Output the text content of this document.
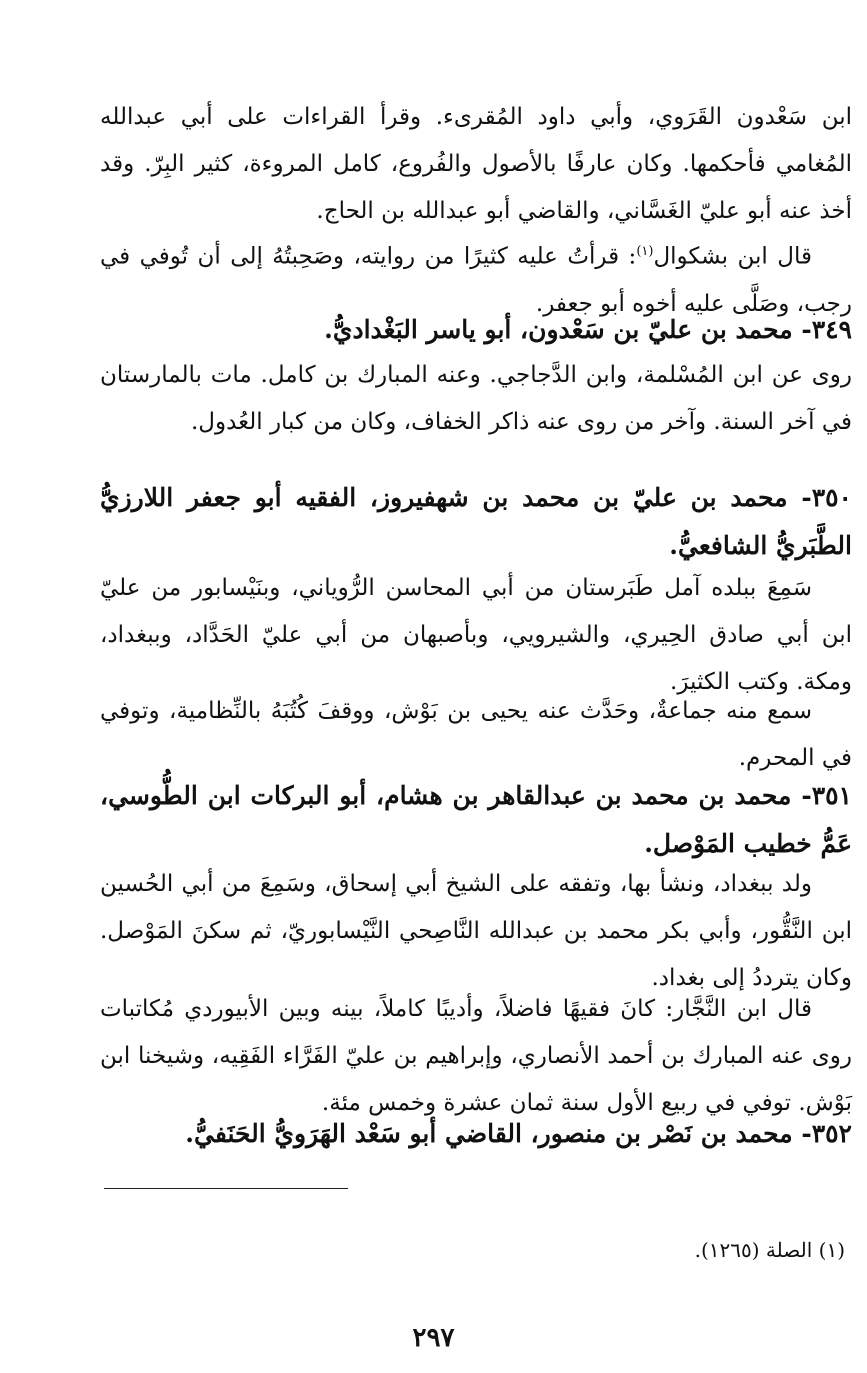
ابن سَعْدون القَرَوي، وأبي داود المُقرىء. وقرأ القراءات على أبي عبدالله المُغامي فأحكمها. وكان عارفًا بالأصول والفُروع، كامل المروءة، كثير البِرّ. وقد أخذ عنه أبو عليّ الغَسَّاني، والقاضي أبو عبدالله بن الحاج.

قال ابن بشكوال$^{(١)}$: قرأتُ عليه كثيرًا من روايته، وصَحِبتُهُ إلى أن تُوفي في رجب، وصَلَّى عليه أخوه أبو جعفر.

٣٤٩- محمد بن عليّ بن سَعْدون، أبو ياسر البَغْداديُّ.

روى عن ابن المُسْلمة، وابن الدَّجاجي. وعنه المبارك بن كامل. مات بالمارستان في آخر السنة. وآخر من روى عنه ذاكر الخفاف، وكان من كبار العُدول.

٣٥٠- محمد بن عليّ بن محمد بن شهفيروز، الفقيه أبو جعفر اللارزيُّ الطَّبَريُّ الشافعيُّ.

سَمِعَ ببلده آمل طَبَرستان من أبي المحاسن الرُّوياني، وبنَيْسابور من عليّ ابن أبي صادق الحِيري، والشيرويي، وبأصبهان من أبي عليّ الحَدَّاد، وببغداد، ومكة. وكتب الكثيرَ.

سمع منه جماعةٌ، وحَدَّث عنه يحيى بن بَوْش، ووقفَ كُتُبَهُ بالنِّظامية، وتوفي في المحرم.

٣٥١- محمد بن محمد بن عبدالقاهر بن هشام، أبو البركات ابن الطُّوسي، عَمُّ خطيب المَوْصل.

ولد ببغداد، ونشأ بها، وتفقه على الشيخ أبي إسحاق، وسَمِعَ من أبي الحُسين ابن النَّقُّور، وأبي بكر محمد بن عبدالله النَّاصِحي النَّيْسابوريّ، ثم سكنَ المَوْصل. وكان يترددُ إلى بغداد.

قال ابن النَّجَّار: كانَ فقيهًا فاضلاً، وأديبًا كاملاً، بينه وبين الأبيوردي مُكاتبات روى عنه المبارك بن أحمد الأنصاري، وإبراهيم بن عليّ الفَرَّاء الفَقِيه، وشيخنا ابن بَوْش. توفي في ربيع الأول سنة ثمان عشرة وخمس مئة.

٣٥٢- محمد بن نَصْر بن منصور، القاضي أبو سَعْد الهَرَويُّ الحَنَفيُّ.

(١) الصلة (١٢٦٥).
٢٩٧
